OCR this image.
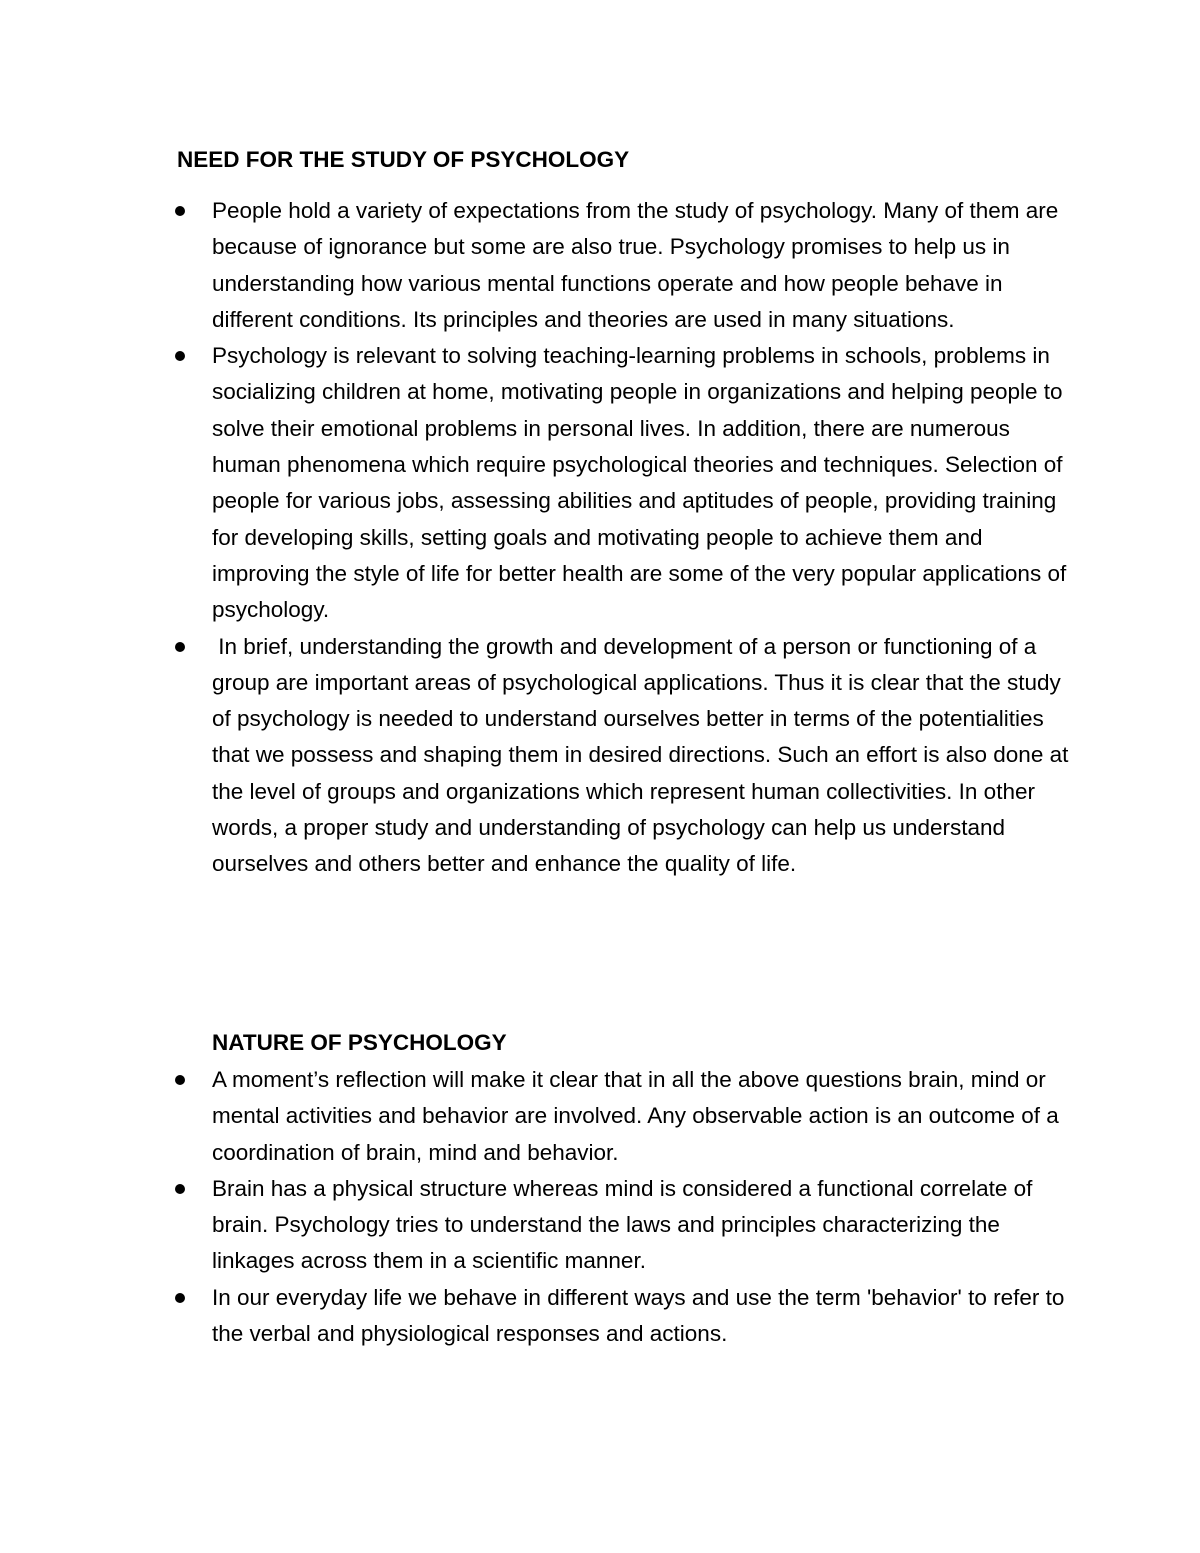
NEED FOR THE STUDY OF PSYCHOLOGY
People hold a variety of expectations from the study of psychology. Many of them are because of ignorance but some are also true. Psychology promises to help us in understanding how various mental functions operate and how people behave in different conditions. Its principles and theories are used in many situations.
Psychology is relevant to solving teaching-learning problems in schools, problems in socializing children at home, motivating people in organizations and helping people to solve their emotional problems in personal lives. In addition, there are numerous human phenomena which require psychological theories and techniques. Selection of people for various jobs, assessing abilities and aptitudes of people, providing training for developing skills, setting goals and motivating people to achieve them and improving the style of life for better health are some of the very popular applications of psychology.
In brief, understanding the growth and development of a person or functioning of a group are important areas of psychological applications. Thus it is clear that the study of psychology is needed to understand ourselves better in terms of the potentialities that we possess and shaping them in desired directions. Such an effort is also done at the level of groups and organizations which represent human collectivities. In other words, a proper study and understanding of psychology can help us understand ourselves and others better and enhance the quality of life.
NATURE OF PSYCHOLOGY
A moment’s reflection will make it clear that in all the above questions brain, mind or mental activities and behavior are involved. Any observable action is an outcome of a coordination of brain, mind and behavior.
Brain has a physical structure whereas mind is considered a functional correlate of brain. Psychology tries to understand the laws and principles characterizing the linkages across them in a scientific manner.
In our everyday life we behave in different ways and use the term 'behavior' to refer to the verbal and physiological responses and actions.
